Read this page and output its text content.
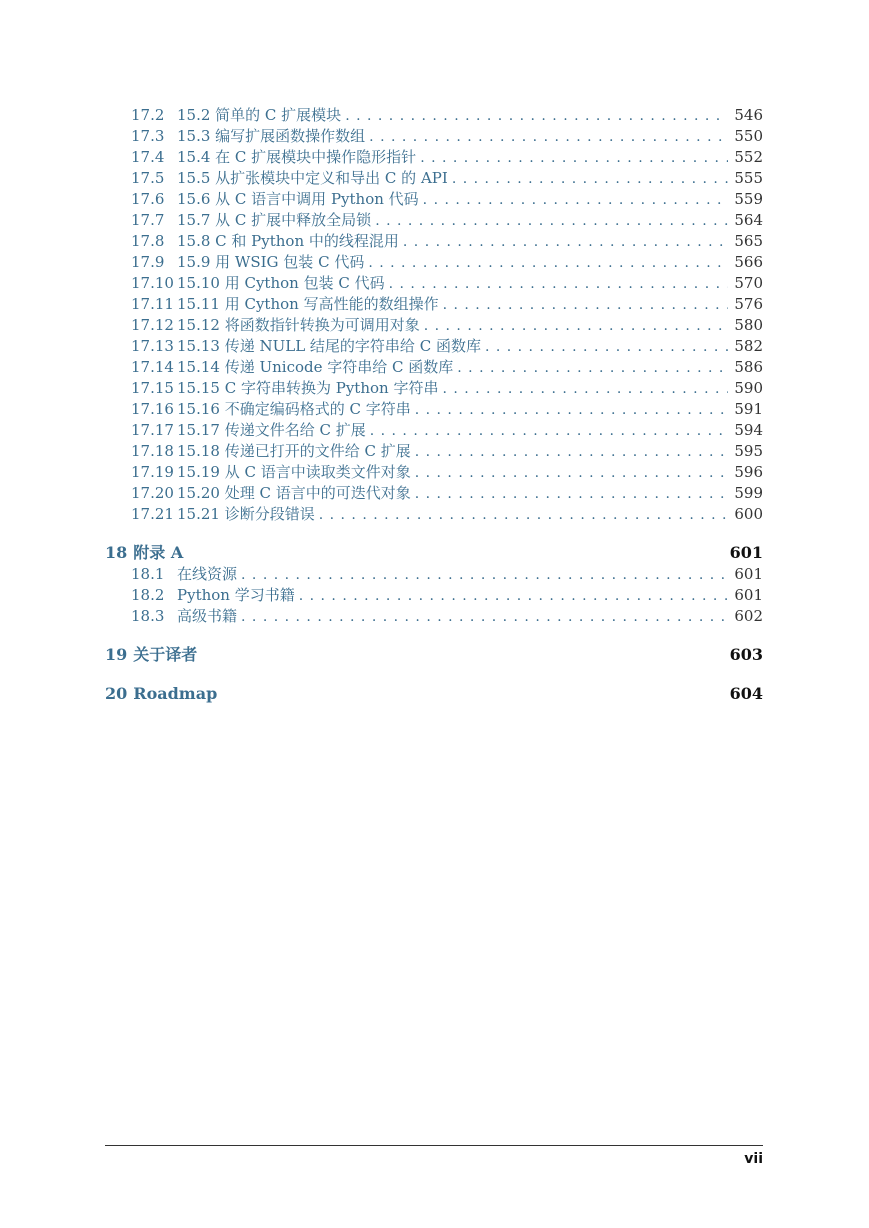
17.2 15.2 简单的 C 扩展模块 . . .	546
17.3 15.3 编写扩展函数操作数组 . . .	550
17.4 15.4 在 C 扩展模块中操作隐形指针 . . .	552
17.5 15.5 从扩张模块中定义和导出 C 的 API . . .	555
17.6 15.6 从 C 语言中调用 Python 代码 . . .	559
17.7 15.7 从 C 扩展中释放全局锁 . . .	564
17.8 15.8 C 和 Python 中的线程混用 . . .	565
17.9 15.9 用 WSIG 包装 C 代码 . . .	566
17.10 15.10 用 Cython 包装 C 代码 . . .	570
17.11 15.11 用 Cython 写高性能的数组操作 . . .	576
17.12 15.12 将函数指针转换为可调用对象 . . .	580
17.13 15.13 传递 NULL 结尾的字符串给 C 函数库 . . .	582
17.14 15.14 传递 Unicode 字符串给 C 函数库 . . .	586
17.15 15.15 C 字符串转换为 Python 字符串 . . .	590
17.16 15.16 不确定编码格式的 C 字符串 . . .	591
17.17 15.17 传递文件名给 C 扩展 . . .	594
17.18 15.18 传递已打开的文件给 C 扩展 . . .	595
17.19 15.19 从 C 语言中读取类文件对象 . . .	596
17.20 15.20 处理 C 语言中的可迭代对象 . . .	599
17.21 15.21 诊断分段错误 . . .	600
18 附录 A	601
18.1 在线资源 . . .	601
18.2 Python 学习书籍 . . .	601
18.3 高级书籍 . . .	602
19 关于译者	603
20 Roadmap	604
vii
